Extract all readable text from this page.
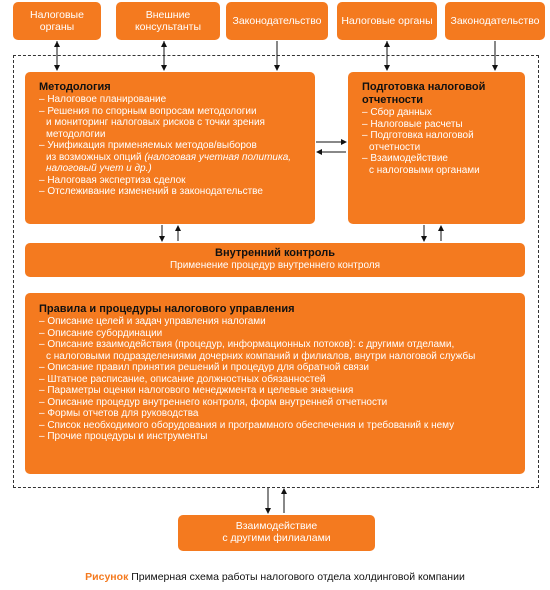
Налоговые органы
Внешние консультанты	Законодательство Налоговые органы Законодательство
Методология
– Налоговое планирование
– Решения по спорным вопросам методологии
и мониторинг налоговых рисков с точки зрения
методологии
– Унификация применяемых методов/выборов
из возможных опций (налоговая учетная политика,
налоговый учет и др.)
– Налоговая экспертиза сделок
– Отслеживание изменений в законодательстве
Подготовка налоговой отчетности
– Сбор данных
– Налоговые расчеты
– Подготовка налоговой
отчетности
– Взаимодействие
с налоговыми органами
Внутренний контроль
Применение процедур внутреннего контроля
Правила и процедуры налогового управления
– Описание целей и задач управления налогами
– Описание субординации
– Описание взаимодействия (процедур, информационных потоков): с другими отделами,
с налоговыми подразделениями дочерних компаний и филиалов, внутри налоговой службы
– Описание правил принятия решений и процедур для обратной связи
– Штатное расписание, описание должностных обязанностей
– Параметры оценки налогового менеджмента и целевые значения
– Описание процедур внутреннего контроля, форм внутренней отчетности
– Формы отчетов для руководства
– Список необходимого оборудования и программного обеспечения и требований к нему
– Прочие процедуры и инструменты
Взаимодействие
с другими филиалами
Рисунок Примерная схема работы налогового отдела холдинговой компании
